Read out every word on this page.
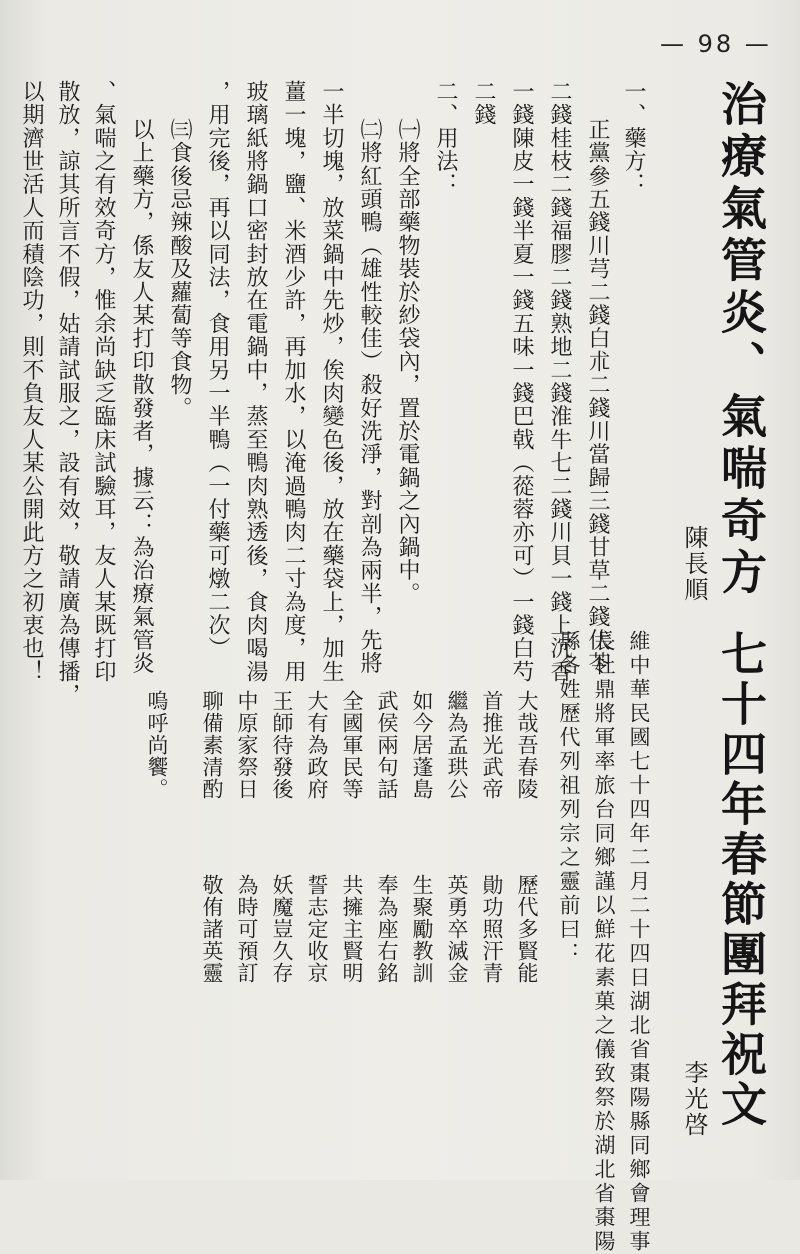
— 98 —
治療氣管炎、氣喘奇方
陳長順
一、藥方：
正黨參五錢川芎二錢白朮二錢川當歸三錢甘草二錢伏苓
二錢桂枝二錢福膠二錢熟地二錢淮牛七二錢川貝一錢上沉香
一錢陳皮一錢半夏一錢五味一錢巴戟（蓯蓉亦可）一錢白芍
二錢
二、用法：
㈠將全部藥物裝於紗袋內，置於電鍋之內鍋中。
㈡將紅頭鴨（雄性較佳）殺好洗淨，對剖為兩半，先將
一半切塊，放菜鍋中先炒，俟肉變色後，放在藥袋上，加生
薑一塊，鹽、米酒少許，再加水，以淹過鴨肉二寸為度，用
玻璃紙將鍋口密封放在電鍋中，蒸至鴨肉熟透後，食肉喝湯
，用完後，再以同法，食用另一半鴨（一付藥可燉二次）
㈢食後忌辣酸及蘿蔔等食物。
以上藥方，係友人某打印散發者，據云：為治療氣管炎
、氣喘之有效奇方，惟余尚缺乏臨床試驗耳，友人某既打印
散放，諒其所言不假，姑請試服之，設有效，敬請廣為傳播，
以期濟世活人而積陰功，則不負友人某公開此方之初衷也！
七十四年春節團拜祝文
李光啓
維中華民國七十四年二月二十四日湖北省棗陽縣同鄉會理事
長杜鼎將軍率旅台同鄉謹以鮮花素菓之儀致祭於湖北省棗陽
縣各姓歷代列祖列宗之靈前曰：
大哉吾春陵
歷代多賢能
首推光武帝
勛功照汗青
繼為孟珙公
英勇卒滅金
如今居蓬島
生聚勵教訓
武侯兩句話
奉為座右銘
全國軍民等
共擁主賢明
大有為政府
誓志定收京
王師待發後
妖魔豈久存
中原家祭日
為時可預訂
聊備素清酌
敬侑諸英靈
嗚呼尚饗。
